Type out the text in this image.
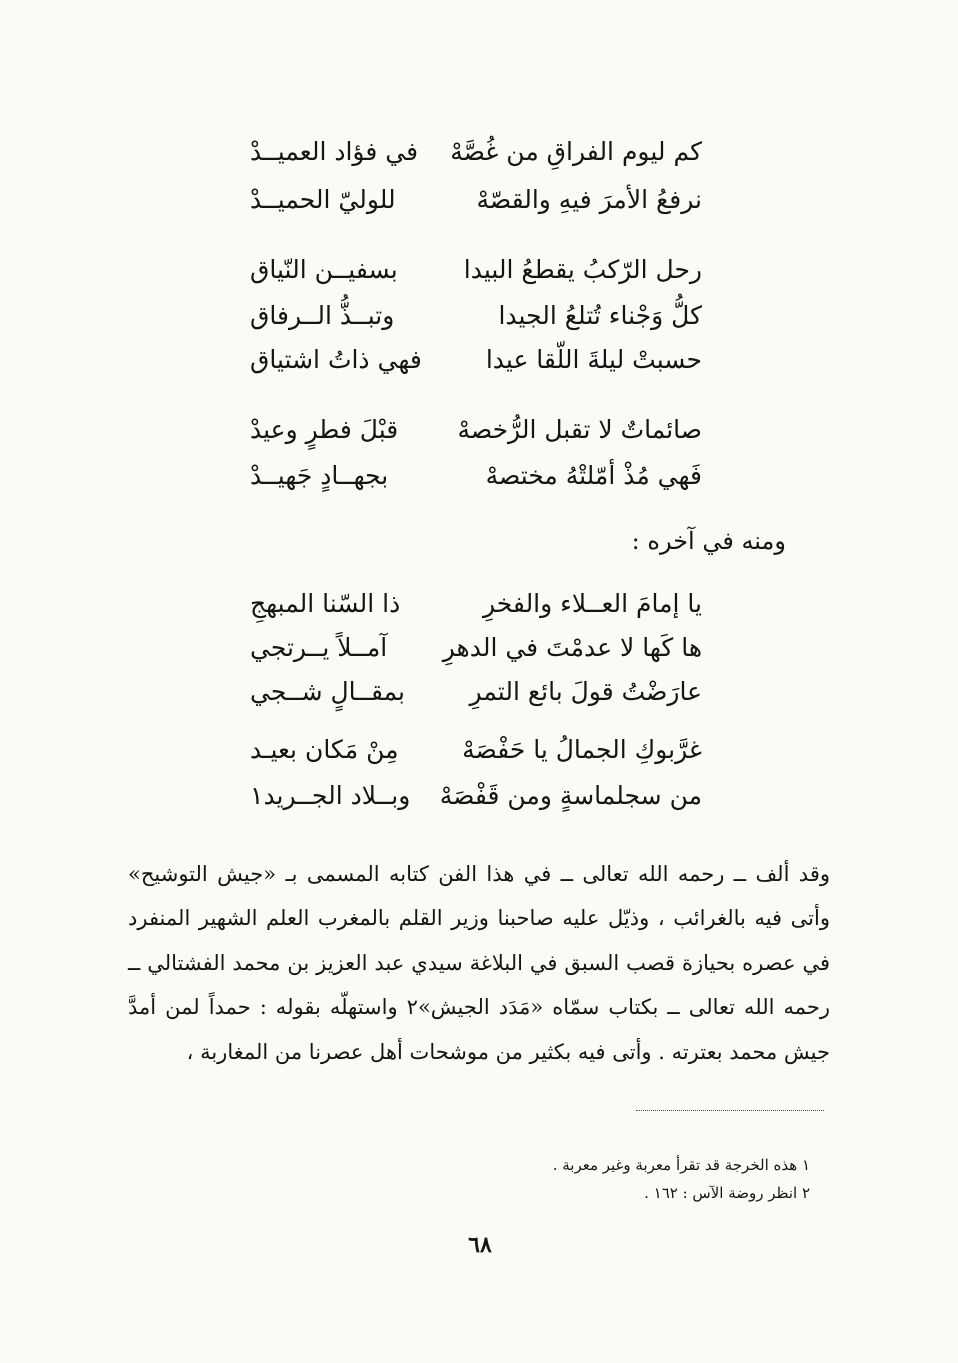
كم ليوم الفراقِ من غُصَّهْ
في فؤاد العميــدْ
نرفعُ الأمرَ فيهِ والقصّهْ
للوليّ الحميــدْ
رحل الرّكبُ يقطعُ البيدا
بسفيــن النّياق
كلُّ وَجْناء تُتلعُ الجيدا
وتبــذُّ الــرفاق
حسبتْ ليلةَ اللّقا عيدا
فهي ذاتُ اشتياق
صائماتٌ لا تقبل الرُّخصهْ
قبْلَ فطرٍ وعيدْ
فَهي مُذْ أمّلتْهُ مختصهْ
بجهــادٍ جَهيــدْ
ومنه في آخره :
يا إمامَ العــلاء والفخرِ
ذا السّنا المبهجِ
ها كَها لا عدمْتَ في الدهرِ
آمــلاً يــرتجي
عارَضْتُ قولَ بائع التمرِ
بمقــالٍ شــجي
غرَّبوكِ الجمالُ يا حَفْصَهْ
مِنْ مَكان بعيـد
من سجلماسةٍ ومن قَفْصَهْ
وبــلاد الجــريد١
وقد ألف ــ رحمه الله تعالى ــ في هذا الفن كتابه المسمى بـ «جيش التوشيح» وأتى فيه بالغرائب ، وذيّل عليه صاحبنا وزير القلم بالمغرب العلم الشهير المنفرد في عصره بحيازة قصب السبق في البلاغة سيدي عبد العزيز بن محمد الفشتالي ــ رحمه الله تعالى ــ بكتاب سمّاه «مَدَد الجيش»٢ واستهلّه بقوله : حمداً لمن أمدَّ جيش محمد بعترته . وأتى فيه بكثير من موشحات أهل عصرنا من المغاربة ،
١ هذه الخرجة قد تقرأ معربة وغير معربة .
٢ انظر روضة الآس : ١٦٢ .
٦٨
